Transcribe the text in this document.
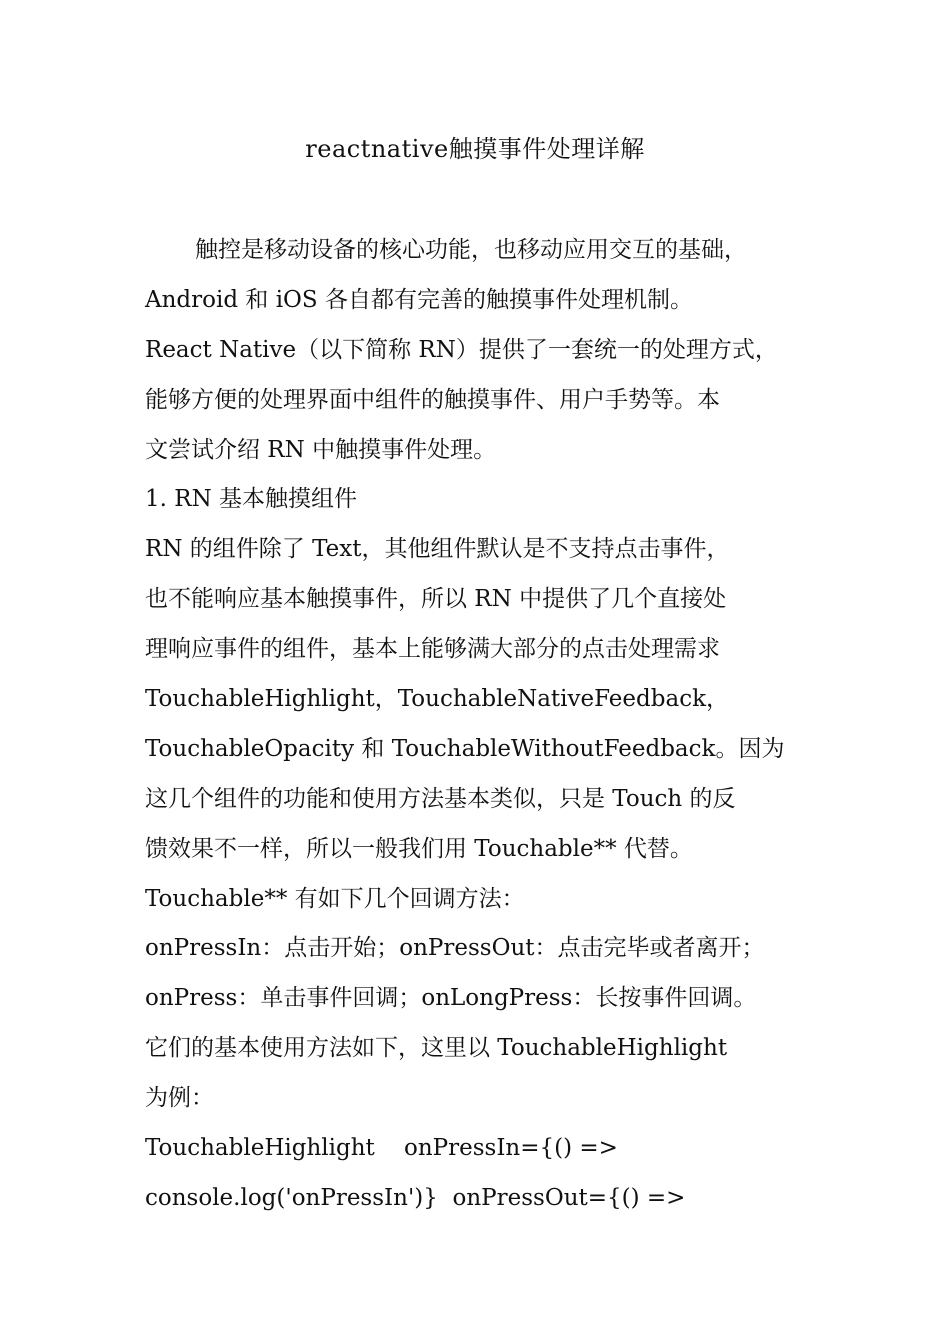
reactnative触摸事件处理详解

触控是移动设备的核心功能，也移动应用交互的基础，

Android 和 iOS 各自都有完善的触摸事件处理机制。

React Native（以下简称 RN）提供了一套统一的处理方式，

能够方便的处理界面中组件的触摸事件、用户手势等。本

文尝试介绍 RN 中触摸事件处理。

1. RN 基本触摸组件

RN 的组件除了 Text，其他组件默认是不支持点击事件，

也不能响应基本触摸事件，所以 RN 中提供了几个直接处

理响应事件的组件，基本上能够满大部分的点击处理需求

TouchableHighlight，TouchableNativeFeedback，

TouchableOpacity 和 TouchableWithoutFeedback。因为

这几个组件的功能和使用方法基本类似，只是 Touch 的反

馈效果不一样，所以一般我们用 Touchable** 代替。

Touchable** 有如下几个回调方法：

onPressIn：点击开始；onPressOut：点击完毕或者离开；

onPress：单击事件回调；onLongPress：长按事件回调。

它们的基本使用方法如下，这里以 TouchableHighlight

为例：

TouchableHighlight    onPressIn={() =>

console.log('onPressIn')}  onPressOut={() =>
